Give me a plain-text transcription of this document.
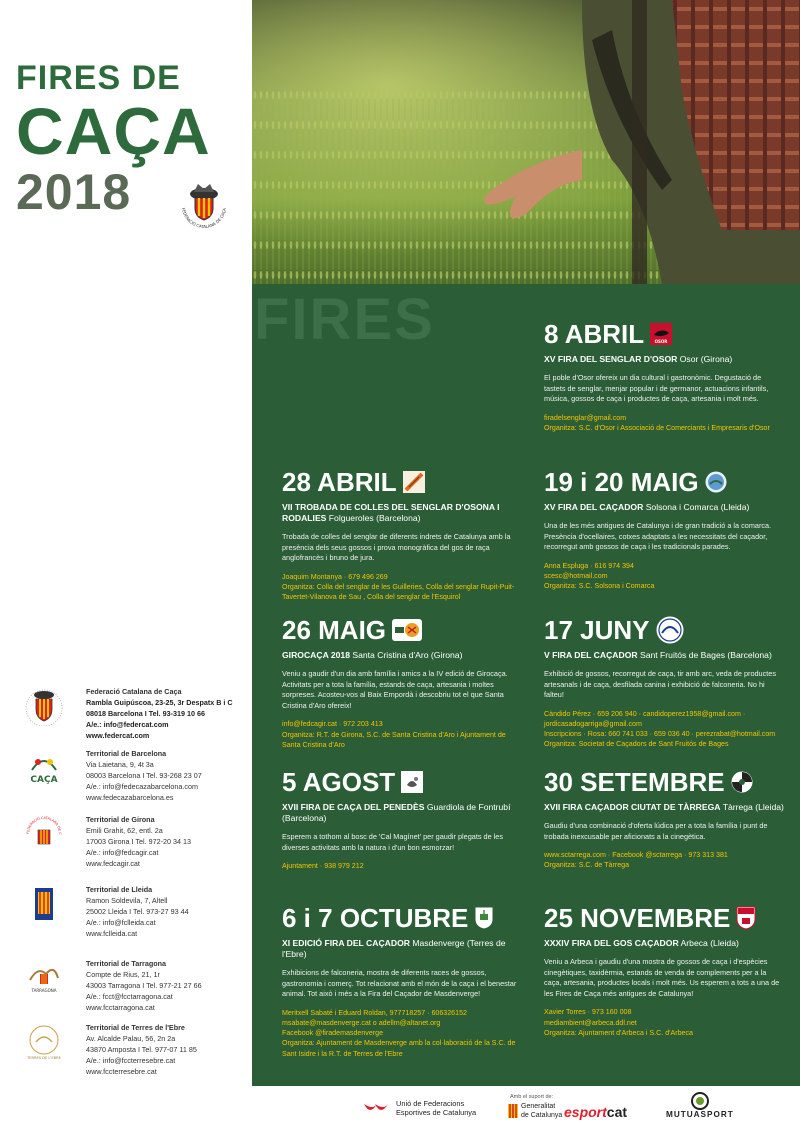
FIRES DE
CAÇA
2018	FEDERACIÓ CATALANA DE CAÇA
Federació Catalana de Caça
Rambla Guipúscoa, 23-25, 3r Despatx B i C
08018 Barcelona I Tel. 93-319 10 66
A/e.: info@federcat.com
www.federcat.com
CAÇA
Territorial de Barcelona
Via Laietana, 9, 4t 3a
08003 Barcelona I Tel. 93-268 23 07
A/e.: info@fedecazabarcelona.com
www.fedecazabarcelona.es
FEDERACIÓ CATALANA DE C
Territorial de Girona
Emili Grahit, 62, entl. 2a
17003 Girona I Tel. 972-20 34 13
A/e.: info@fedcagir.cat
www.fedcagir.cat
Territorial de Lleida
Ramon Soldevila, 7, Altell
25002 Lleida I Tel. 973-27 93 44
A/e.: info@fclleida.cat
www.fclleida.cat
TARRAGONA
Territorial de Tarragona
Compte de Rius, 21, 1r
43003 Tarragona I Tel. 977-21 27 66
A/e.: fcct@fcctarragona.cat
www.fcctarragona.cat
TERRES DE L'EBRE
Territorial de Terres de l'Ebre
Av. Alcalde Palau, 56, 2n 2a
43870 Amposta I Tel. 977-07 11 85
A/e.: info@fccterresebre.cat
www.fccterresebre.cat
FIRES	8 ABRIL	OSOR
XV FIRA DEL SENGLAR D'OSOR Osor (Girona)
El poble d'Osor ofereix un dia cultural i gastronòmic. Degustació de tastets de senglar, menjar popular i de germanor, actuacions infantils, música, gossos de caça i productes de caça, artesania i molt més.
firadelsenglar@gmail.com
Organitza: S.C. d'Osor i Associació de Comerciants i Empresaris d'Osor
28 ABRIL
VII TROBADA DE COLLES DEL SENGLAR D'OSONA I RODALIES Folgueroles (Barcelona)
Trobada de colles del senglar de diferents indrets de Catalunya amb la presència dels seus gossos i prova monogràfica del gos de raça anglofrancès i bruno de jura.
Joaquim Montanya · 679 496 269
Organitza: Colla del senglar de les Guilleries, Colla del senglar Rupit-Puit-Tavertet-Vilanova de Sau , Colla del senglar de l'Esquirol
19 i 20 MAIG
XV FIRA DEL CAÇADOR Solsona i Comarca (Lleida)
Una de les més antigues de Catalunya i de gran tradició a la comarca. Presència d'ocellaires, cotxes adaptats a les necessitats del caçador, recorregut amb gossos de caça i les tradicionals parades.
Anna Espluga · 616 974 394
scesc@hotmail.com
Organitza: S.C. Solsona i Comarca
26 MAIG
GIROCAÇA 2018 Santa Cristina d'Aro (Girona)
Veniu a gaudir d'un dia amb família i amics a la IV edició de Girocaça. Activitats per a tota la família, estands de caça, artesania i moltes sorpreses. Acosteu-vos al Baix Empordà i descobriu tot el que Santa Cristina d'Aro ofereix!
info@fedcagir.cat · 972 203 413
Organitza: R.T. de Girona, S.C. de Santa Cristina d'Aro i Ajuntament de Santa Cristina d'Aro
17 JUNY
V FIRA DEL CAÇADOR Sant Fruitós de Bages (Barcelona)
Exhibició de gossos, recorregut de caça, tir amb arc, veda de productes artesanals i de caça, desfilada canina i exhibició de falconeria. No hi falteu!
Càndido Pérez · 659 206 940 · candidoperez1958@gmail.com · jordicasadogarriga@gmail.com
Inscripcions · Rosa: 660 741 033 · 659 036 40 · perezrabat@hotmail.com
Organitza: Societat de Caçadors de Sant Fruitós de Bages
5 AGOST
XVII FIRA DE CAÇA DEL PENEDÈS Guardiola de Fontrubí (Barcelona)
Esperem a tothom al bosc de 'Cal Magínet' per gaudir plegats de les diverses activitats amb la natura i d'un bon esmorzar!
Ajuntament · 938 979 212
30 SETEMBRE
XVII FIRA CAÇADOR CIUTAT DE TÀRREGA Tàrrega (Lleida)
Gaudiu d'una combinació d'oferta lúdica per a tota la família i punt de trobada inexcusable per aficionats a la cinegètica.
www.sctarrega.com · Facebook @sctarrega · 973 313 381
Organitza: S.C. de Tàrrega
6 i 7 OCTUBRE
XI EDICIÓ FIRA DEL CAÇADOR Masdenverge (Terres de l'Ebre)
Exhibicions de falconeria, mostra de diferents races de gossos, gastronomia i comerç. Tot relacionat amb el món de la caça i el benestar animal. Tot això i més a la Fira del Caçador de Masdenverge!
Meritxell Sabaté i Eduard Roldan, 977718257 · 606326152
msabate@masdenverge.cat o adellm@altanet.org
Facebook @firademasdenverge
Organitza: Ajuntament de Masdenverge amb la col·laboració de la S.C. de Sant Isidre i la R.T. de Terres de l'Ebre
25 NOVEMBRE
XXXIV FIRA DEL GOS CAÇADOR Arbeca (Lleida)
Veniu a Arbeca i gaudiu d'una mostra de gossos de caça i d'espècies cinegètiques, taxidèrmia, estands de venda de complements per a la caça, artesania, productes locals i molt més. Us esperem a tots a una de les Fires de Caça més antigues de Catalunya!
Xavier Torres · 973 160 008
mediambient@arbeca.ddl.net
Organitza: Ajuntament d'Arbeca i S.C. d'Arbeca
Unió de Federacions
Esportives de Catalunya
Amb el suport de:
Generalitat
de Catalunya esportcat	MUTUASPORT
